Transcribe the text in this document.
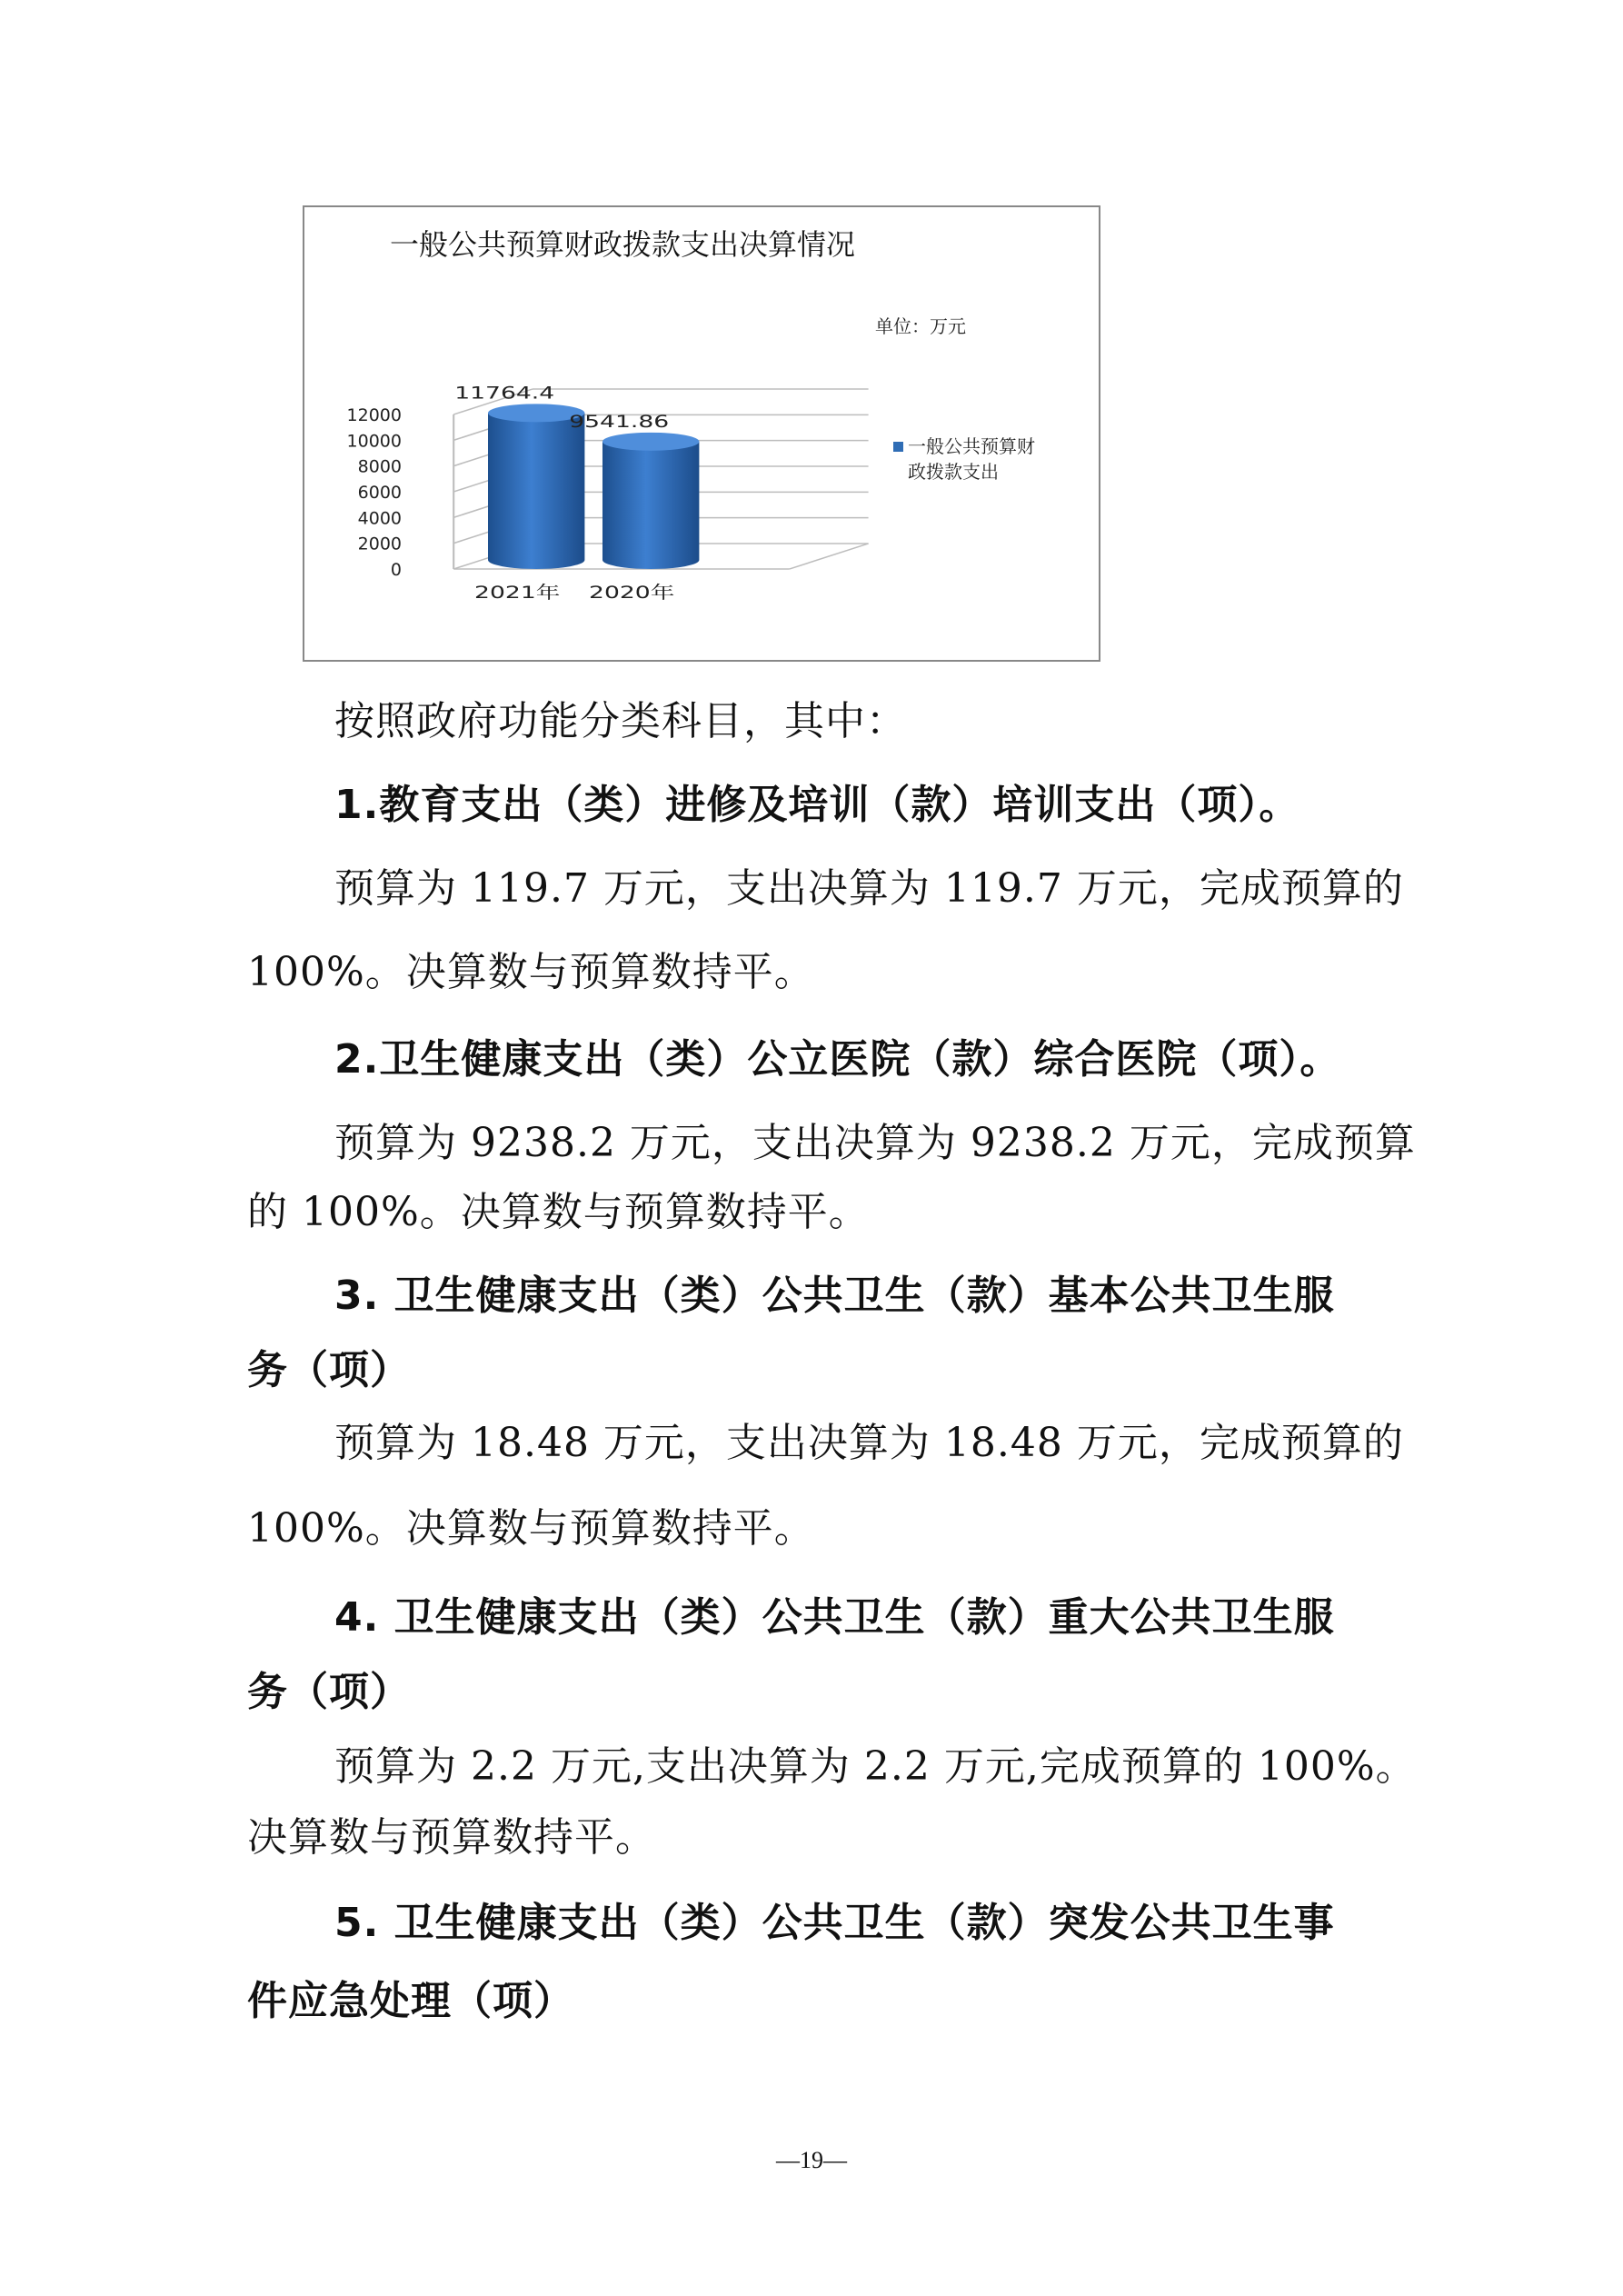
一般公共预算财政拨款支出决算情况
单位：万元
0
2000
4000
6000
8000
10000
12000
11764.4
9541.86
2021年 2020年
一般公共预算财
政拨款支出
按照政府功能分类科目，其中：
1.教育支出（类）进修及培训（款）培训支出（项）。
预算为 119.7 万元，支出决算为 119.7 万元，完成预算的
100%。决算数与预算数持平。
2.卫生健康支出（类）公立医院（款）综合医院（项）。
预算为 9238.2 万元，支出决算为 9238.2 万元，完成预算
的 100%。决算数与预算数持平。
3. 卫生健康支出（类）公共卫生（款）基本公共卫生服
务（项）
预算为 18.48 万元，支出决算为 18.48 万元，完成预算的
100%。决算数与预算数持平。
4. 卫生健康支出（类）公共卫生（款）重大公共卫生服
务（项）
预算为 2.2 万元,支出决算为 2.2 万元,完成预算的 100%。
决算数与预算数持平。
5. 卫生健康支出（类）公共卫生（款）突发公共卫生事
件应急处理（项）
—19—
